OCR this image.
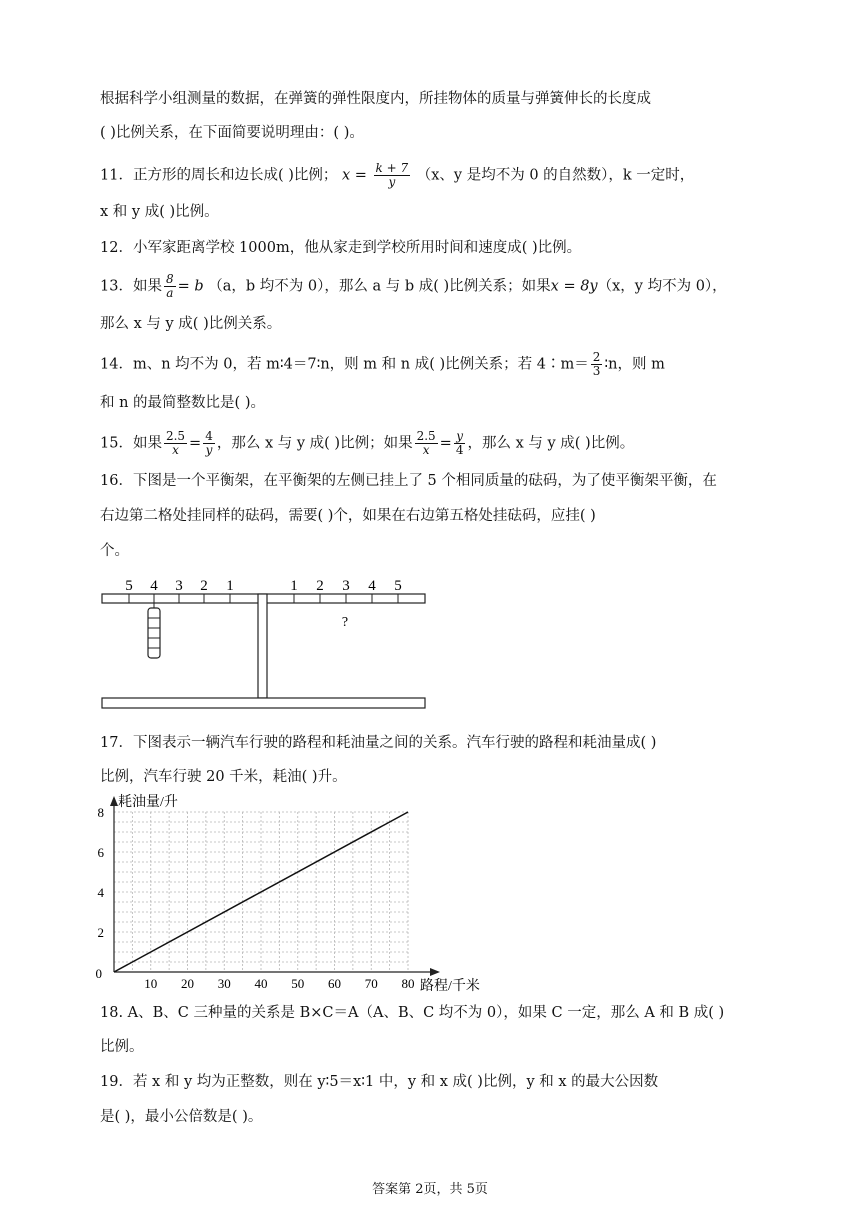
根据科学小组测量的数据，在弹簧的弹性限度内，所挂物体的质量与弹簧伸长的长度成
( )比例关系，在下面简要说明理由：( )。
11．正方形的周长和边长成( )比例； $x = \frac{k + 7}{y} (x$、y 是均不为 0 的自然数），k 一定时，
x 和 y 成( )比例。
12．小军家距离学校 1000m，他从家走到学校所用时间和速度成( )比例。
13．如果 $\frac{8}{a} = b$ （a，b 均不为 0），那么 a 与 b 成( )比例关系；如果x = 8y（x，y 均不为 0），
那么 x 与 y 成( )比例关系。
14．m、n 均不为 0，若 m∶4＝7∶n，则 m 和 n 成( )比例关系；若 4∶m＝ $\frac{2}{3}$ ∶n，则 m
和 n 的最简整数比是( )。
15．如果 $\frac{2.5}{x} = \frac{4}{y}$ ，那么 x 与 y 成( )比例；如果 $\frac{2.5}{x} = \frac{y}{4}$ ，那么 x 与 y 成( )比例。
16．下图是一个平衡架，在平衡架的左侧已挂上了 5 个相同质量的砝码，为了使平衡架平衡，在
右边第二格处挂同样的砝码，需要( )个，如果在右边第五格处挂砝码，应挂( )
个。
5 4 3 2 1	1 2 3 4 5
?
17．下图表示一辆汽车行驶的路程和耗油量之间的关系。汽车行驶的路程和耗油量成( )
比例，汽车行驶 20 千米，耗油( )升。
10 20 30 40 50 60 70 80
2
4
6
8
耗油量/升
路程/千米
0
18. A、B、C 三种量的关系是 B×C＝A（A、B、C 均不为 0），如果 C 一定，那么 A 和 B 成( )
比例。
19．若 x 和 y 均为正整数，则在 y∶5＝x∶1 中，y 和 x 成( )比例，y 和 x 的最大公因数
是( )，最小公倍数是( )。
答案第 2页，共 5页
